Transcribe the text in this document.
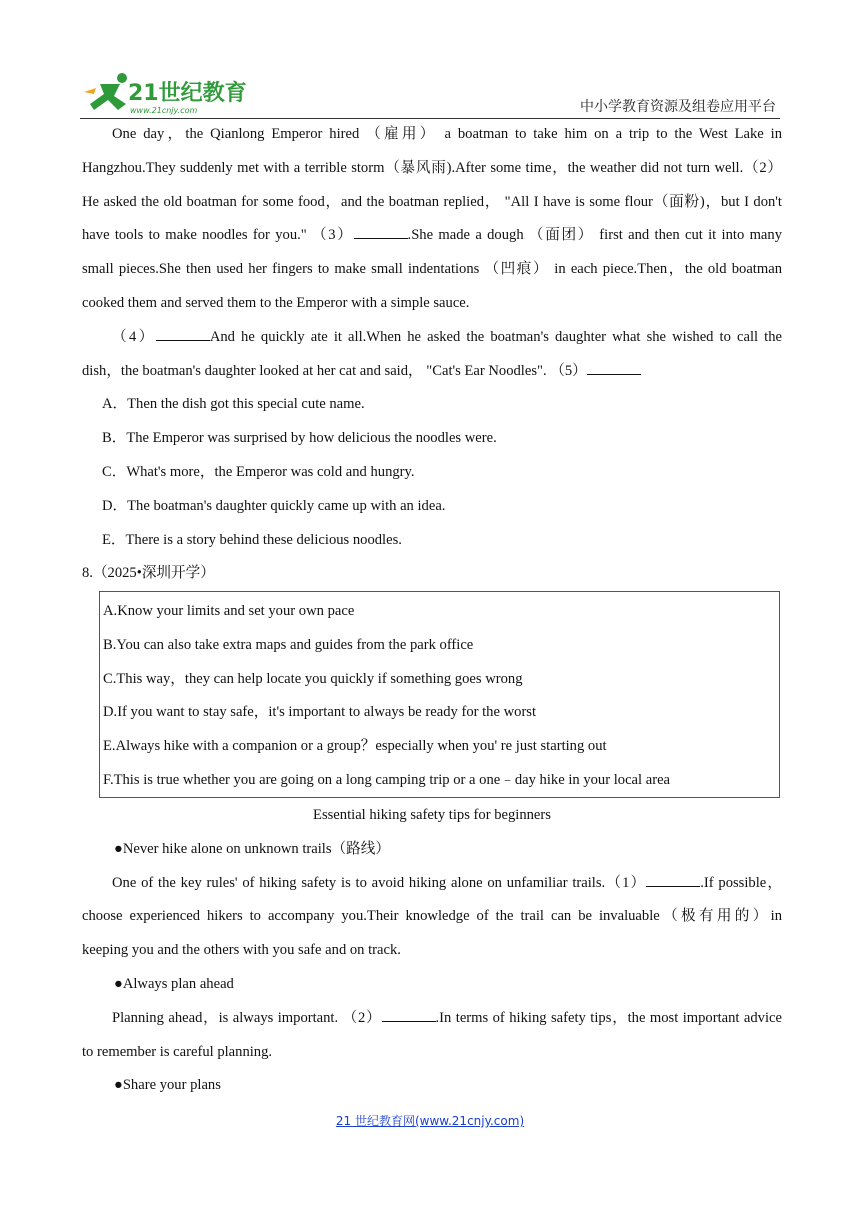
21世纪教育
www.21cnjy.com	中小学教育资源及组卷应用平台

One day，the Qianlong Emperor hired （雇用） a boatman to take him on a trip to the West Lake in

Hangzhou.They suddenly met with a terrible storm（暴风雨).After some time，the weather did not turn well.（2）

He asked the old boatman for some food，and the boatman replied， "All I have is some flour（面粉)，but I don't

have tools to make noodles for you." （3）	.She made a dough （面团） first and then cut it into many

small pieces.She then used her fingers to make small indentations （凹痕） in each piece.Then，the old boatman

cooked them and served them to the Emperor with a simple sauce.

（4）	And he quickly ate it all.When he asked the boatman's daughter what she wished to call the

dish，the boatman's daughter looked at her cat and said， "Cat's Ear Noodles". （5）

A．Then the dish got this special cute name.

B．The Emperor was surprised by how delicious the noodles were.

C．What's more，the Emperor was cold and hungry.

D．The boatman's daughter quickly came up with an idea.

E．There is a story behind these delicious noodles.

8.（2025•深圳开学）

A.Know your limits and set your own pace

B.You can also take extra maps and guides from the park office

C.This way，they can help locate you quickly if something goes wrong

D.If you want to stay safe，it's important to always be ready for the worst

E.Always hike with a companion or a group？especially when you' re just starting out

F.This is true whether you are going on a long camping trip or a one﹣day hike in your local area

Essential hiking safety tips for beginners

●Never hike alone on unknown trails（路线）

One of the key rules' of hiking safety is to avoid hiking alone on unfamiliar trails.（1）	.If possible，

choose experienced hikers to accompany you.Their knowledge of the trail can be invaluable（极有用的）in

keeping you and the others with you safe and on track.

●Always plan ahead

Planning ahead，is always important. （2）	.In terms of hiking safety tips，the most important advice

to remember is careful planning.

●Share your plans

21 世纪教育网(www.21cnjy.com)
